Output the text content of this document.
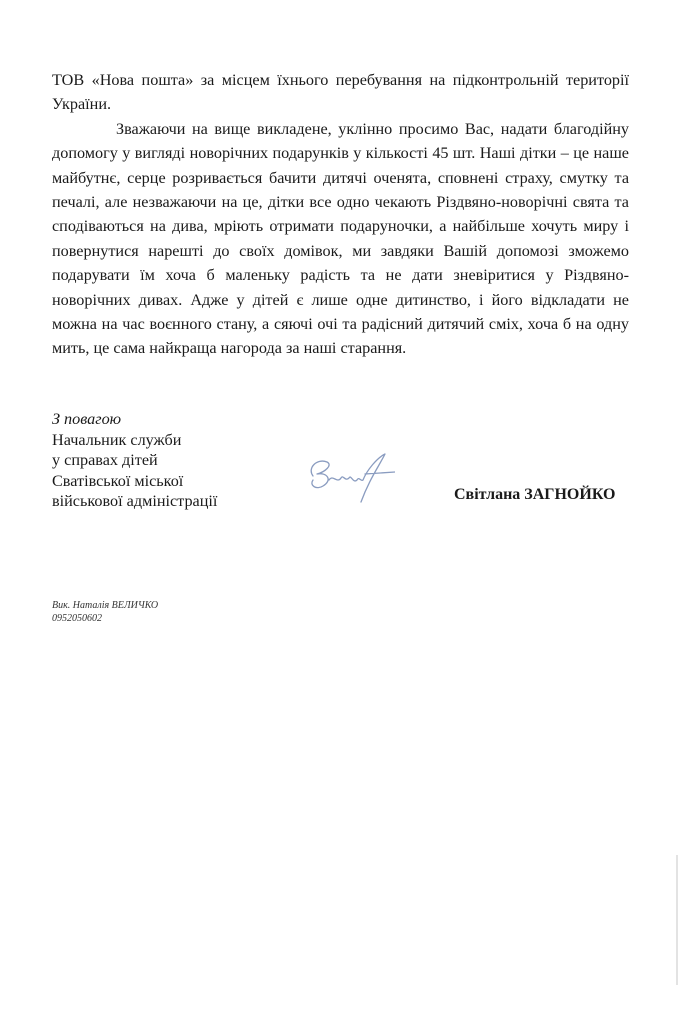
ТОВ «Нова пошта» за місцем їхнього перебування на підконтрольній території України.

Зважаючи на вище викладене, уклінно просимо Вас, надати благодійну допомогу у вигляді новорічних подарунків у кількості 45 шт. Наші дітки – це наше майбутнє, серце розривається бачити дитячі оченята, сповнені страху, смутку та печалі, але незважаючи на це, дітки все одно чекають Різдвяно-новорічні свята та сподіваються на дива, мріють отримати подаруночки, а найбільше хочуть миру і повернутися нарешті до своїх домівок, ми завдяки Вашій допомозі зможемо подарувати їм хоча б маленьку радість та не дати зневіритися у Різдвяно-новорічних дивах. Адже у дітей є лише одне дитинство, і його відкладати не можна на час воєнного стану, а сяючі очі та радісний дитячий сміх, хоча б на одну мить, це сама найкраща нагорода за наші старання.

З повагою
Начальник служби
у справах дітей
Сватівської міської
військової адміністрації	Світлана ЗАГНОЙКО
Вик. Наталія ВЕЛИЧКО
0952050602
